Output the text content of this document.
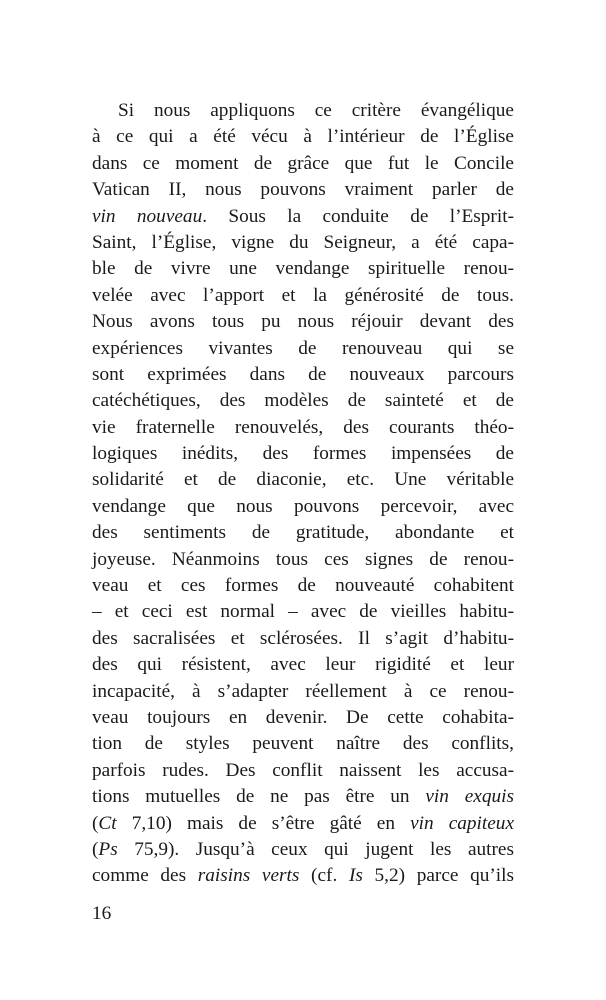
Si nous appliquons ce critère évangélique
à ce qui a été vécu à l’intérieur de l’Église
dans ce moment de grâce que fut le Concile
Vatican II, nous pouvons vraiment parler de
vin nouveau. Sous la conduite de l’Esprit-
Saint, l’Église, vigne du Seigneur, a été capa-
ble de vivre une vendange spirituelle renou-
velée avec l’apport et la générosité de tous.
Nous avons tous pu nous réjouir devant des
expériences vivantes de renouveau qui se
sont exprimées dans de nouveaux parcours
catéchétiques, des modèles de sainteté et de
vie fraternelle renouvelés, des courants théo-
logiques inédits, des formes impensées de
solidarité et de diaconie, etc. Une véritable
vendange que nous pouvons percevoir, avec
des sentiments de gratitude, abondante et
joyeuse. Néanmoins tous ces signes de renou-
veau et ces formes de nouveauté cohabitent
– et ceci est normal – avec de vieilles habitu-
des sacralisées et sclérosées. Il s’agit d’habitu-
des qui résistent, avec leur rigidité et leur
incapacité, à s’adapter réellement à ce renou-
veau toujours en devenir. De cette cohabita-
tion de styles peuvent naître des conflits,
parfois rudes. Des conflit naissent les accusa-
tions mutuelles de ne pas être un vin exquis
(Ct 7,10) mais de s’être gâté en vin capiteux
(Ps 75,9). Jusqu’à ceux qui jugent les autres
comme des raisins verts (cf. Is 5,2) parce qu’ils
16
